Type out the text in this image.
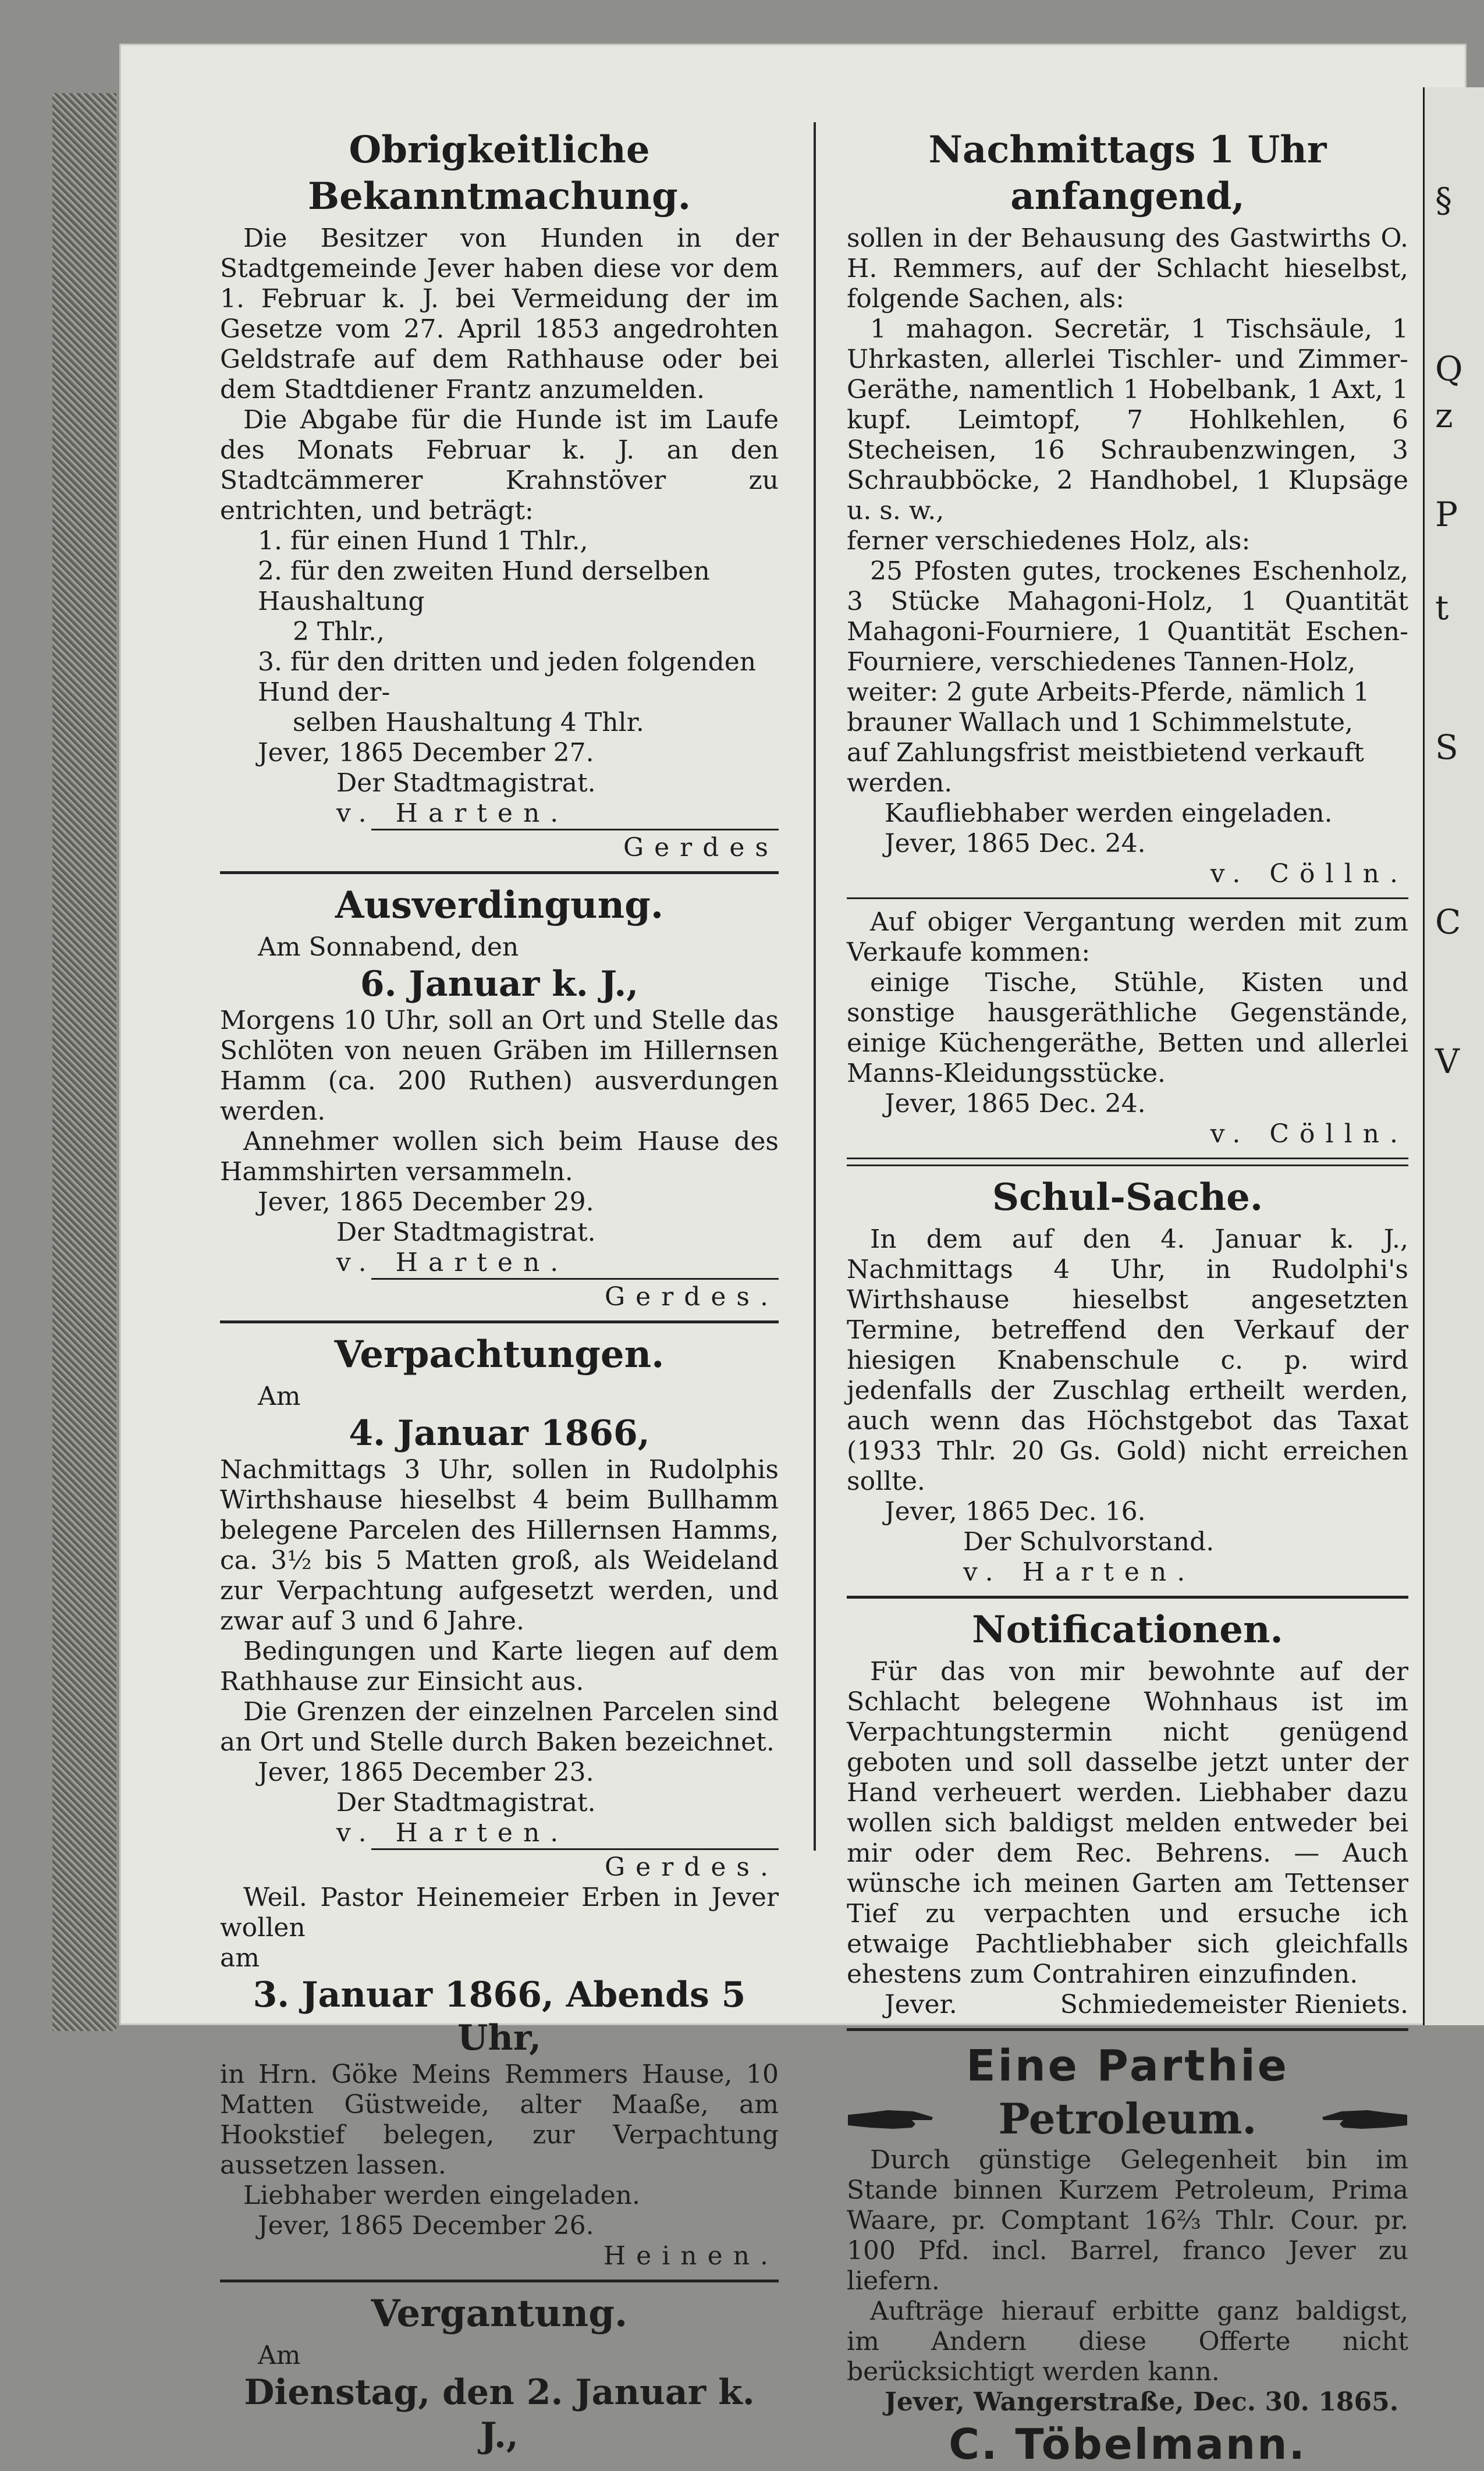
§
Q
z
P
t
S
C
V
Obrigkeitliche Bekanntmachung.

Die Besitzer von Hunden in der Stadtgemeinde Jever haben diese vor dem 1. Februar k. J. bei Vermeidung der im Gesetze vom 27. April 1853 angedrohten Geldstrafe auf dem Rathhause oder bei dem Stadtdiener Frantz anzumelden.

Die Abgabe für die Hunde ist im Laufe des Monats Februar k. J. an den Stadtcämmerer Krahnstöver zu entrichten, und beträgt:

1. für einen Hund 1 Thlr.,

2. für den zweiten Hund derselben Haushaltung

2 Thlr.,

3. für den dritten und jeden folgenden Hund der-

selben Haushaltung 4 Thlr.

Jever, 1865 December 27.

Der Stadtmagistrat.

v. Harten.

Gerdes
Ausverdingung.

Am Sonnabend, den

6. Januar k. J.,

Morgens 10 Uhr, soll an Ort und Stelle das Schlöten von neuen Gräben im Hillernsen Hamm (ca. 200 Ruthen) ausverdungen werden.

Annehmer wollen sich beim Hause des Hammshirten versammeln.

Jever, 1865 December 29.

Der Stadtmagistrat.

v. Harten.

Gerdes.
Verpachtungen.

Am

4. Januar 1866,

Nachmittags 3 Uhr, sollen in Rudolphis Wirthshause hieselbst 4 beim Bullhamm belegene Parcelen des Hillernsen Hamms, ca. 3½ bis 5 Matten groß, als Weideland zur Verpachtung aufgesetzt werden, und zwar auf 3 und 6 Jahre.

Bedingungen und Karte liegen auf dem Rathhause zur Einsicht aus.

Die Grenzen der einzelnen Parcelen sind an Ort und Stelle durch Baken bezeichnet.

Jever, 1865 December 23.

Der Stadtmagistrat.

v. Harten.

Gerdes.

Weil. Pastor Heinemeier Erben in Jever wollen

am

3. Januar 1866, Abends 5 Uhr,

in Hrn. Göke Meins Remmers Hause, 10 Matten Güstweide, alter Maaße, am Hookstief belegen, zur Verpachtung aussetzen lassen.

Liebhaber werden eingeladen.

Jever, 1865 December 26.

Heinen.

Vergantung.

Am

Dienstag, den 2. Januar k. J.,
Nachmittags 1 Uhr anfangend,

sollen in der Behausung des Gastwirths O. H. Remmers, auf der Schlacht hieselbst, folgende Sachen, als:

1 mahagon. Secretär, 1 Tischsäule, 1 Uhrkasten, allerlei Tischler- und Zimmer-Geräthe, namentlich 1 Hobelbank, 1 Axt, 1 kupf. Leimtopf, 7 Hohlkehlen, 6 Stecheisen, 16 Schraubenzwingen, 3 Schraubböcke, 2 Handhobel, 1 Klupsäge u. s. w.,

ferner verschiedenes Holz, als:

25 Pfosten gutes, trockenes Eschenholz, 3 Stücke Mahagoni-Holz, 1 Quantität Mahagoni-Fourniere, 1 Quantität Eschen-Fourniere, verschiedenes Tannen-Holz,

weiter: 2 gute Arbeits-Pferde, nämlich 1 brauner Wallach und 1 Schimmelstute,

auf Zahlungsfrist meistbietend verkauft werden.

Kaufliebhaber werden eingeladen.

Jever, 1865 Dec. 24.

v. Cölln.

Auf obiger Vergantung werden mit zum Verkaufe kommen:

einige Tische, Stühle, Kisten und sonstige hausgeräthliche Gegenstände, einige Küchengeräthe, Betten und allerlei Manns-Kleidungsstücke.

Jever, 1865 Dec. 24.

v. Cölln.

Schul-Sache.

In dem auf den 4. Januar k. J., Nachmittags 4 Uhr, in Rudolphi's Wirthshause hieselbst angesetzten Termine, betreffend den Verkauf der hiesigen Knabenschule c. p. wird jedenfalls der Zuschlag ertheilt werden, auch wenn das Höchstgebot das Taxat (1933 Thlr. 20 Gs. Gold) nicht erreichen sollte.

Jever, 1865 Dec. 16.

Der Schulvorstand.

v. Harten.

Notificationen.

Für das von mir bewohnte auf der Schlacht belegene Wohnhaus ist im Verpachtungstermin nicht genügend geboten und soll dasselbe jetzt unter der Hand verheuert werden. Liebhaber dazu wollen sich baldigst melden entweder bei mir oder dem Rec. Behrens. — Auch wünsche ich meinen Garten am Tettenser Tief zu verpachten und ersuche ich etwaige Pachtliebhaber sich gleichfalls ehestens zum Contrahiren einzufinden.

Jever.	Schmiedemeister Rieniets.
Eine Parthie
Petroleum.

Durch günstige Gelegenheit bin im Stande binnen Kurzem Petroleum, Prima Waare, pr. Comptant 16⅔ Thlr. Cour. pr. 100 Pfd. incl. Barrel, franco Jever zu liefern.

Aufträge hierauf erbitte ganz baldigst, im Andern diese Offerte nicht berücksichtigt werden kann.

Jever, Wangerstraße, Dec. 30. 1865.

C. Töbelmann.
